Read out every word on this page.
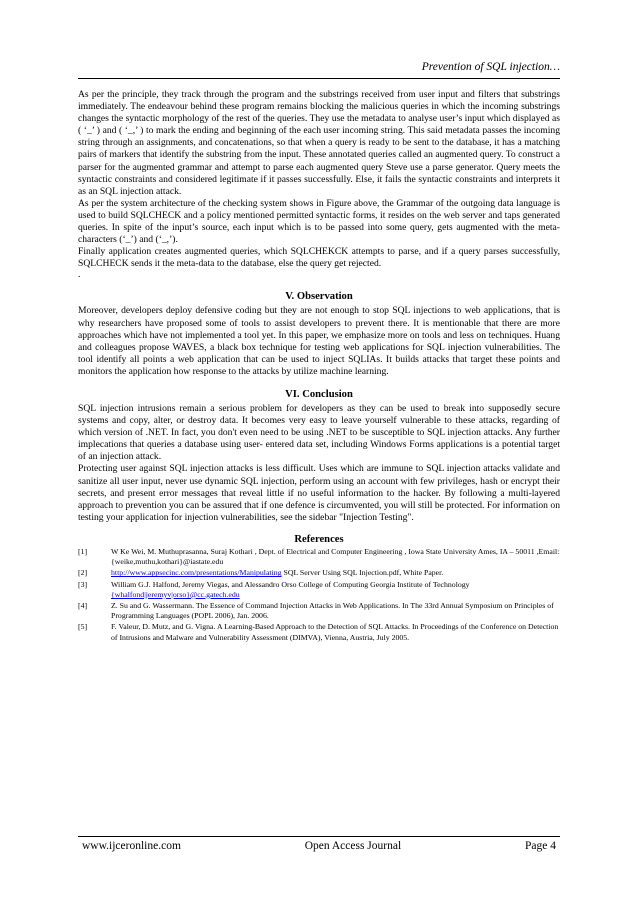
Prevention of SQL injection…

As per the principle, they track through the program and the substrings received from user input and filters that substrings immediately. The endeavour behind these program remains blocking the malicious queries in which the incoming substrings changes the syntactic morphology of the rest of the queries. They use the metadata to analyse user’s input which displayed as ( ‘_’ ) and ( ‘_,’ ) to mark the ending and beginning of the each user incoming string. This said metadata passes the incoming string through an assignments, and concatenations, so that when a query is ready to be sent to the database, it has a matching pairs of markers that identify the substring from the input. These annotated queries called an augmented query. To construct a parser for the augmented grammar and attempt to parse each augmented query Steve use a parse generator. Query meets the syntactic constraints and considered legitimate if it passes successfully. Else, it fails the syntactic constraints and interprets it as an SQL injection attack.

As per the system architecture of the checking system shows in Figure above, the Grammar of the outgoing data language is used to build SQLCHECK and a policy mentioned permitted syntactic forms, it resides on the web server and taps generated queries. In spite of the input’s source, each input which is to be passed into some query, gets augmented with the meta-characters (‘_’) and (‘_,’).

Finally application creates augmented queries, which SQLCHEKCK attempts to parse, and if a query parses successfully, SQLCHECK sends it the meta-data to the database, else the query get rejected.

.

V. Observation

Moreover, developers deploy defensive coding but they are not enough to stop SQL injections to web applications, that is why researchers have proposed some of tools to assist developers to prevent there. It is mentionable that there are more approaches which have not implemented a tool yet. In this paper, we emphasize more on tools and less on techniques. Huang and colleagues propose WAVES, a black box technique for testing web applications for SQL injection vulnerabilities. The tool identify all points a web application that can be used to inject SQLIAs. It builds attacks that target these points and monitors the application how response to the attacks by utilize machine learning.

VI. Conclusion

SQL injection intrusions remain a serious problem for developers as they can be used to break into supposedly secure systems and copy, alter, or destroy data. It becomes very easy to leave yourself vulnerable to these attacks, regarding of which version of .NET. In fact, you don't even need to be using .NET to be susceptible to SQL injection attacks. Any further implecations that queries a database using user- entered data set, including Windows Forms applications is a potential target of an injection attack.

Protecting user against SQL injection attacks is less difficult. Uses which are immune to SQL injection attacks validate and sanitize all user input, never use dynamic SQL injection, perform using an account with few privileges, hash or encrypt their secrets, and present error messages that reveal little if no useful information to the hacker. By following a multi-layered approach to prevention you can be assured that if one defence is circumvented, you will still be protected. For information on testing your application for injection vulnerabilities, see the sidebar "Injection Testing".

References
[1]	W Ke Wei, M. Muthuprasanna, Suraj Kothari , Dept. of Electrical and Computer Engineering , Iowa State University Ames, IA – 50011 ,Email: {weike,muthu,kothari}@iastate.edu
[2]	http://www.appsecinc.com/presentations/Manipulating SQL Server Using SQL Injection.pdf, White Paper.
[3]	William G.J. Halfond, Jeremy Viegas, and Alessandro Orso College of Computing Georgia Institute of Technology {whalfond|jeremyv|orso}@cc.gatech.edu
[4]	Z. Su and G. Wassermann. The Essence of Command Injection Attacks in Web Applications. In The 33rd Annual Symposium on Principles of Programming Languages (POPL 2006), Jan. 2006.
[5]	F. Valeur, D. Mutz, and G. Vigna. A Learning-Based Approach to the Detection of SQL Attacks. In Proceedings of the Conference on Detection of Intrusions and Malware and Vulnerability Assessment (DIMVA), Vienna, Austria, July 2005.
www.ijceronline.com	Open Access Journal	Page 4
